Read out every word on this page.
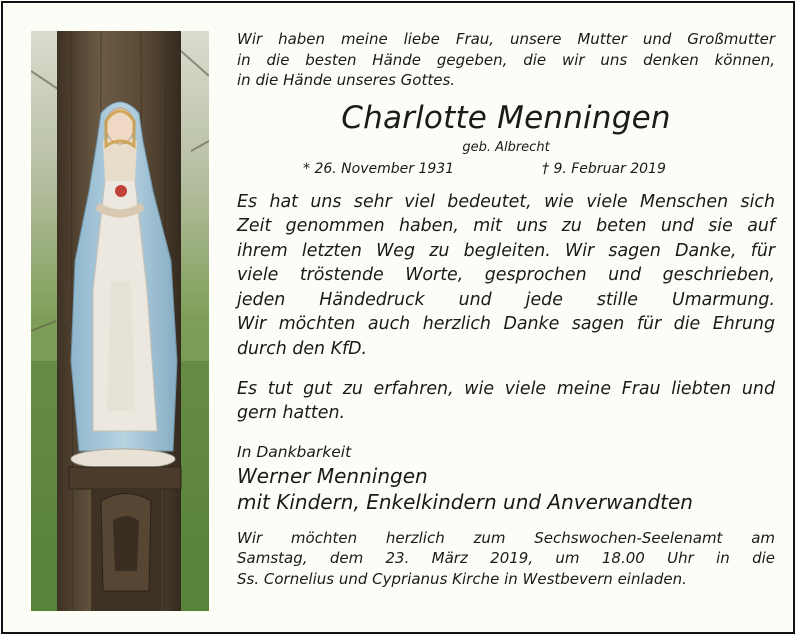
Wir haben meine liebe Frau, unsere Mutter und Großmutter

in die besten Hände gegeben, die wir uns denken können,

in die Hände unseres Gottes.

Charlotte Menningen

geb. Albrecht

* 26. November 1931	† 9. Februar 2019

Es hat uns sehr viel bedeutet, wie viele Menschen sich

Zeit genommen haben, mit uns zu beten und sie auf

ihrem letzten Weg zu begleiten. Wir sagen Danke, für

viele tröstende Worte, gesprochen und geschrieben,

jeden Händedruck und jede stille Umarmung.

Wir möchten auch herzlich Danke sagen für die Ehrung

durch den KfD.

Es tut gut zu erfahren, wie viele meine Frau liebten und

gern hatten.

In Dankbarkeit

Werner Menningen

mit Kindern, Enkelkindern und Anverwandten

Wir möchten herzlich zum Sechswochen-Seelenamt am

Samstag, dem 23. März 2019, um 18.00 Uhr in die

Ss. Cornelius und Cyprianus Kirche in Westbevern einladen.
